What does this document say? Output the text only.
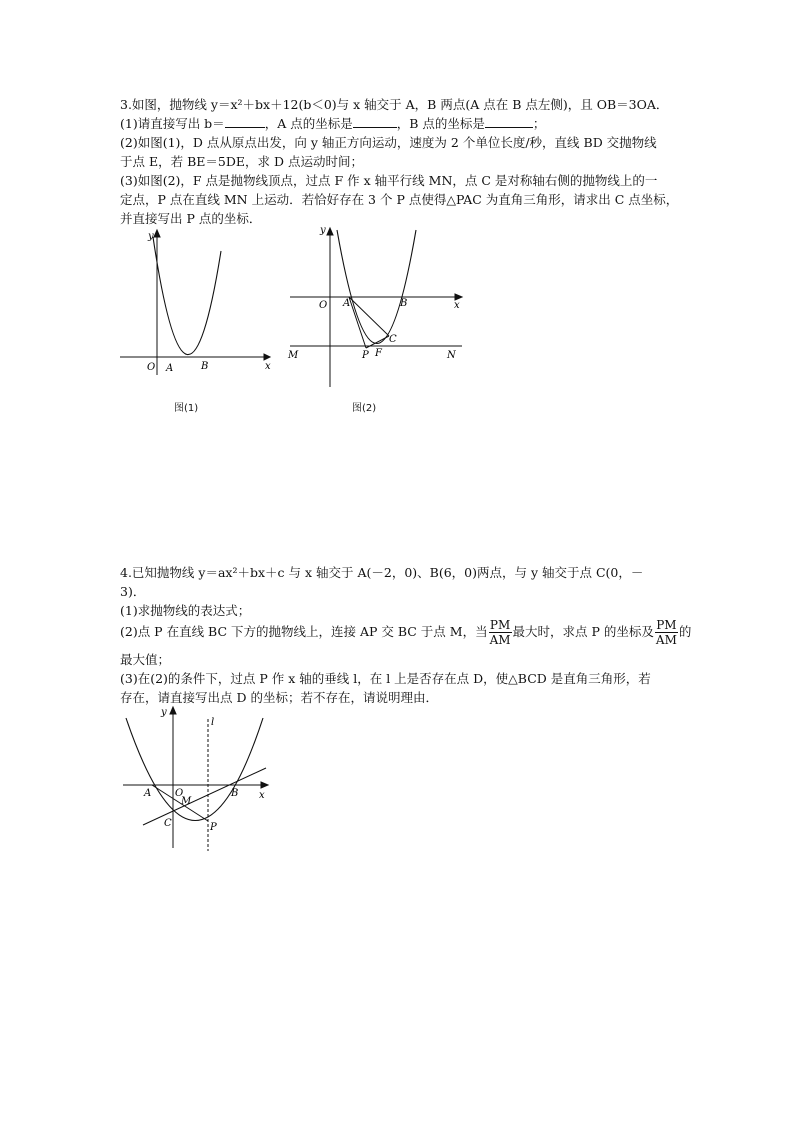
3.如图，抛物线 y＝x²＋bx＋12(b＜0)与 x 轴交于 A，B 两点(A 点在 B 点左侧)，且 OB＝3OA．
(1)请直接写出 b＝	，A 点的坐标是	，B 点的坐标是	；
(2)如图(1)，D 点从原点出发，向 y 轴正方向运动，速度为 2 个单位长度/秒，直线 BD 交抛物线
于点 E，若 BE＝5DE，求 D 点运动时间；
(3)如图(2)，F 点是抛物线顶点，过点 F 作 x 轴平行线 MN，点 C 是对称轴右侧的抛物线上的一
定点，P 点在直线 MN 上运动．若恰好存在 3 个 P 点使得△PAC 为直角三角形，请求出 C 点坐标，
并直接写出 P 点的坐标．
y
x
O A	B
图(1)
y
x
O A	B
C
P F
M	N
图(2)
4.已知抛物线 y＝ax²＋bx＋c 与 x 轴交于 A(－2，0)、B(6，0)两点，与 y 轴交于点 C(0，－
3)．
(1)求抛物线的表达式；
(2)点 P 在直线 BC 下方的抛物线上，连接 AP 交 BC 于点 M，当 $\frac{PM}{AM}$ 最大时，求点 P 的坐标及 $\frac{PM}{AM}$ 的
最大值；
(3)在(2)的条件下，过点 P 作 x 轴的垂线 l，在 l 上是否存在点 D，使△BCD 是直角三角形，若
存在，请直接写出点 D 的坐标；若不存在，请说明理由．
y
x
l
O
A	B
C
M
P
